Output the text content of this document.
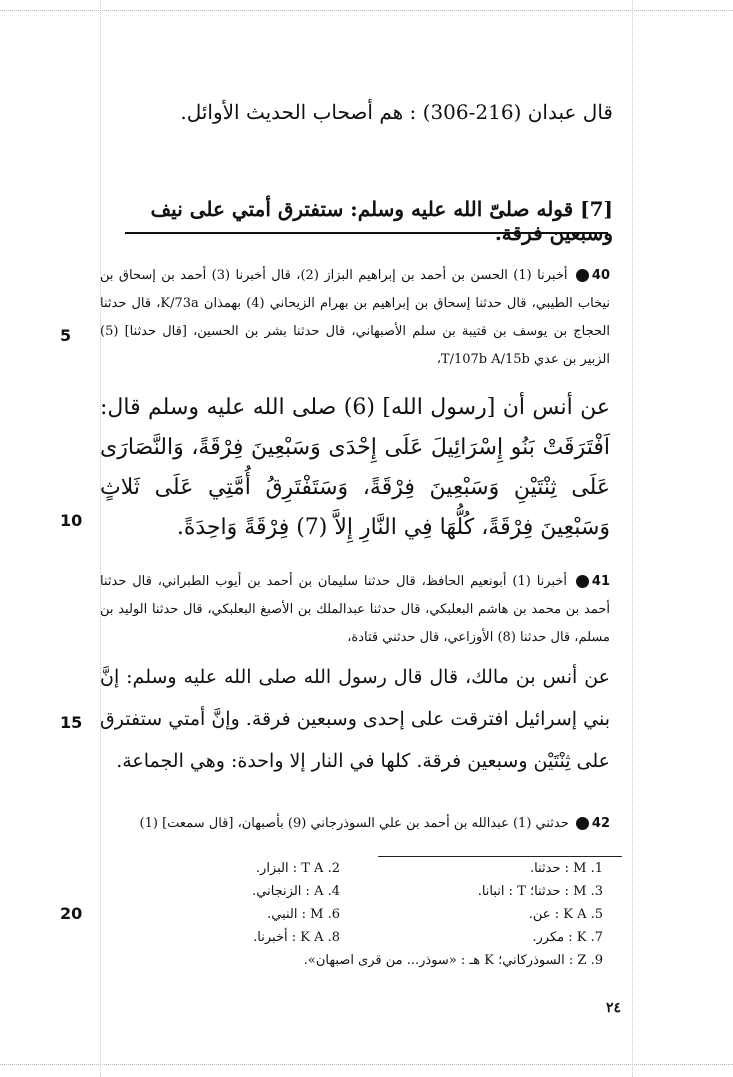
قال عبدان (216-306) : هم أصحاب الحديث الأوائل.
[7] قوله صلىّ الله عليه وسلم: ستفترق أمتي على نيف وسبعين فرقة.
40 أخبرنا (1) الحسن بن أحمد بن إبراهيم البزاز (2)، قال أخبرنا (3) أحمد بن إسحاق بن نيخاب الطيبي، قال حدثنا إسحاق بن إبراهيم بن بهرام الزيحاني (4) بهمذان K/73a، قال حدثنا الحجاج بن يوسف بن قتيبة بن سلم الأصبهاني، قال حدثنا بشر بن الحسين، [قال حدثنا] (5) الزبير بن عدي T/107b A/15b،
عن أنس أن [رسول الله] (6) صلى الله عليه وسلم قال: اَفْتَرَقَتْ بَنُو إِسْرَائِيلَ عَلَى إِحْدَى وَسَبْعِينَ فِرْقَةً، وَالنَّصَارَى عَلَى ثِنْتَيْنِ وَسَبْعِينَ فِرْقَةً، وَسَتَفْتَرِقُ أُمَّتِي عَلَى ثَلاثٍ وَسَبْعِينَ فِرْقَةً، كُلُّهَا فِي النَّارِ إِلاَّ (7) فِرْقَةً وَاحِدَةً.
41 أخبرنا (1) أبونعيم الحافظ، قال حدثنا سليمان بن أحمد بن أيوب الطبراني، قال حدثنا أحمد بن محمد بن هاشم البعلبكي، قال حدثنا عبدالملك بن الأصبغ البعلبكي، قال حدثنا الوليد بن مسلم، قال حدثنا (8) الأوزاعي، قال حدثني قتادة،
عن أنس بن مالك، قال قال رسول الله صلى الله عليه وسلم: إنَّ بني إسرائيل افترقت على إحدى وسبعين فرقة. وإنَّ أمتي ستفترق على ثِنْتَيْن وسبعين فرقة. كلها في النار إلا واحدة: وهي الجماعة.
42 حدثني (1) عبدالله بن أحمد بن علي السوذرجاني (9) بأصبهان، [قال سمعت] (1)
5
10
15
20
1. M : حدثنا.
3. M : حدثنا؛ T : انبانا.
5. K A : عن.
7. K : مكرر.
9. Z : السوذركاني؛ K هـ : «سوذر... من قرى اصبهان».
2. T A : البزار.
4. A : الزنجاني.
6. M : النبي.
8. K A : أخبرنا.
٢٤
